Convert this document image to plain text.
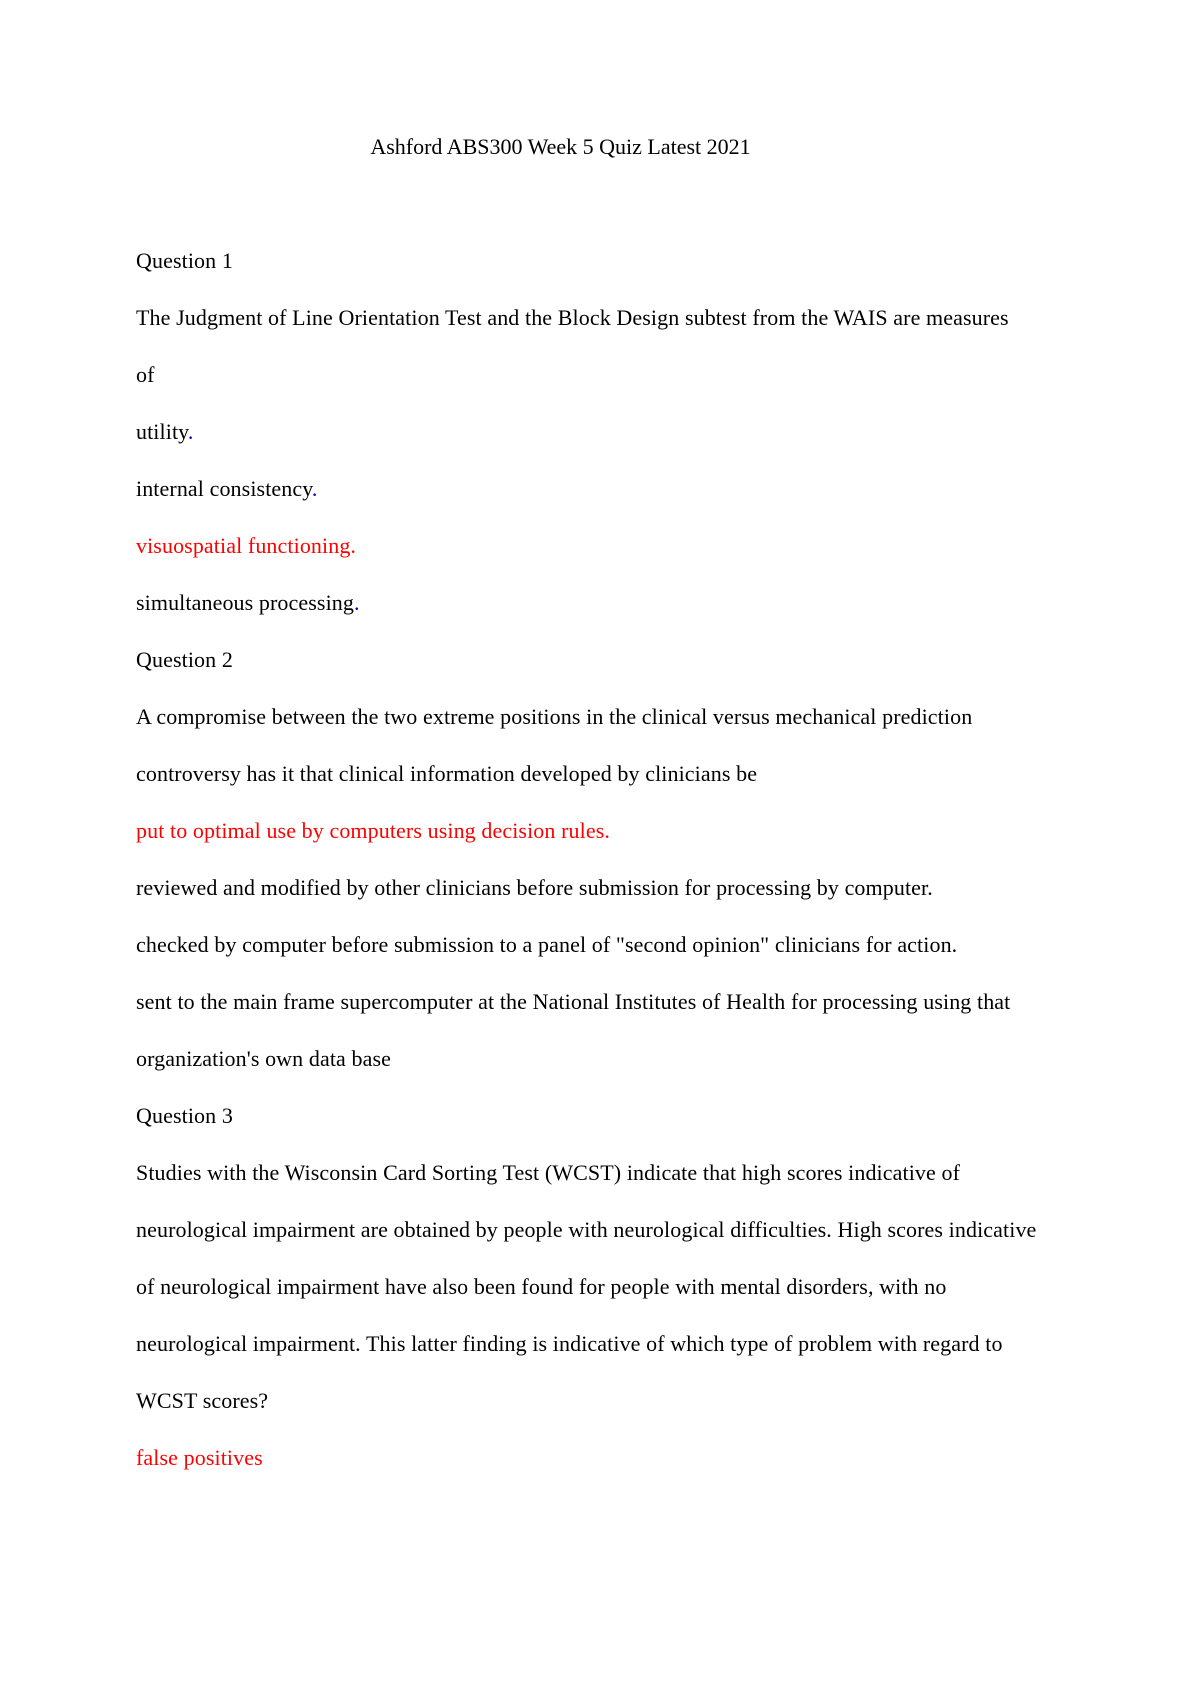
Ashford ABS300 Week 5 Quiz Latest 2021
Question 1
The Judgment of Line Orientation Test and the Block Design subtest from the WAIS are measures
of
utility.
internal consistency.
visuospatial functioning.
simultaneous processing.
Question 2
A compromise between the two extreme positions in the clinical versus mechanical prediction
controversy has it that clinical information developed by clinicians be
put to optimal use by computers using decision rules.
reviewed and modified by other clinicians before submission for processing by computer.
checked by computer before submission to a panel of "second opinion" clinicians for action.
sent to the main frame supercomputer at the National Institutes of Health for processing using that
organization's own data base
Question 3
Studies with the Wisconsin Card Sorting Test (WCST) indicate that high scores indicative of
neurological impairment are obtained by people with neurological difficulties. High scores indicative
of neurological impairment have also been found for people with mental disorders, with no
neurological impairment. This latter finding is indicative of which type of problem with regard to
WCST scores?
false positives
